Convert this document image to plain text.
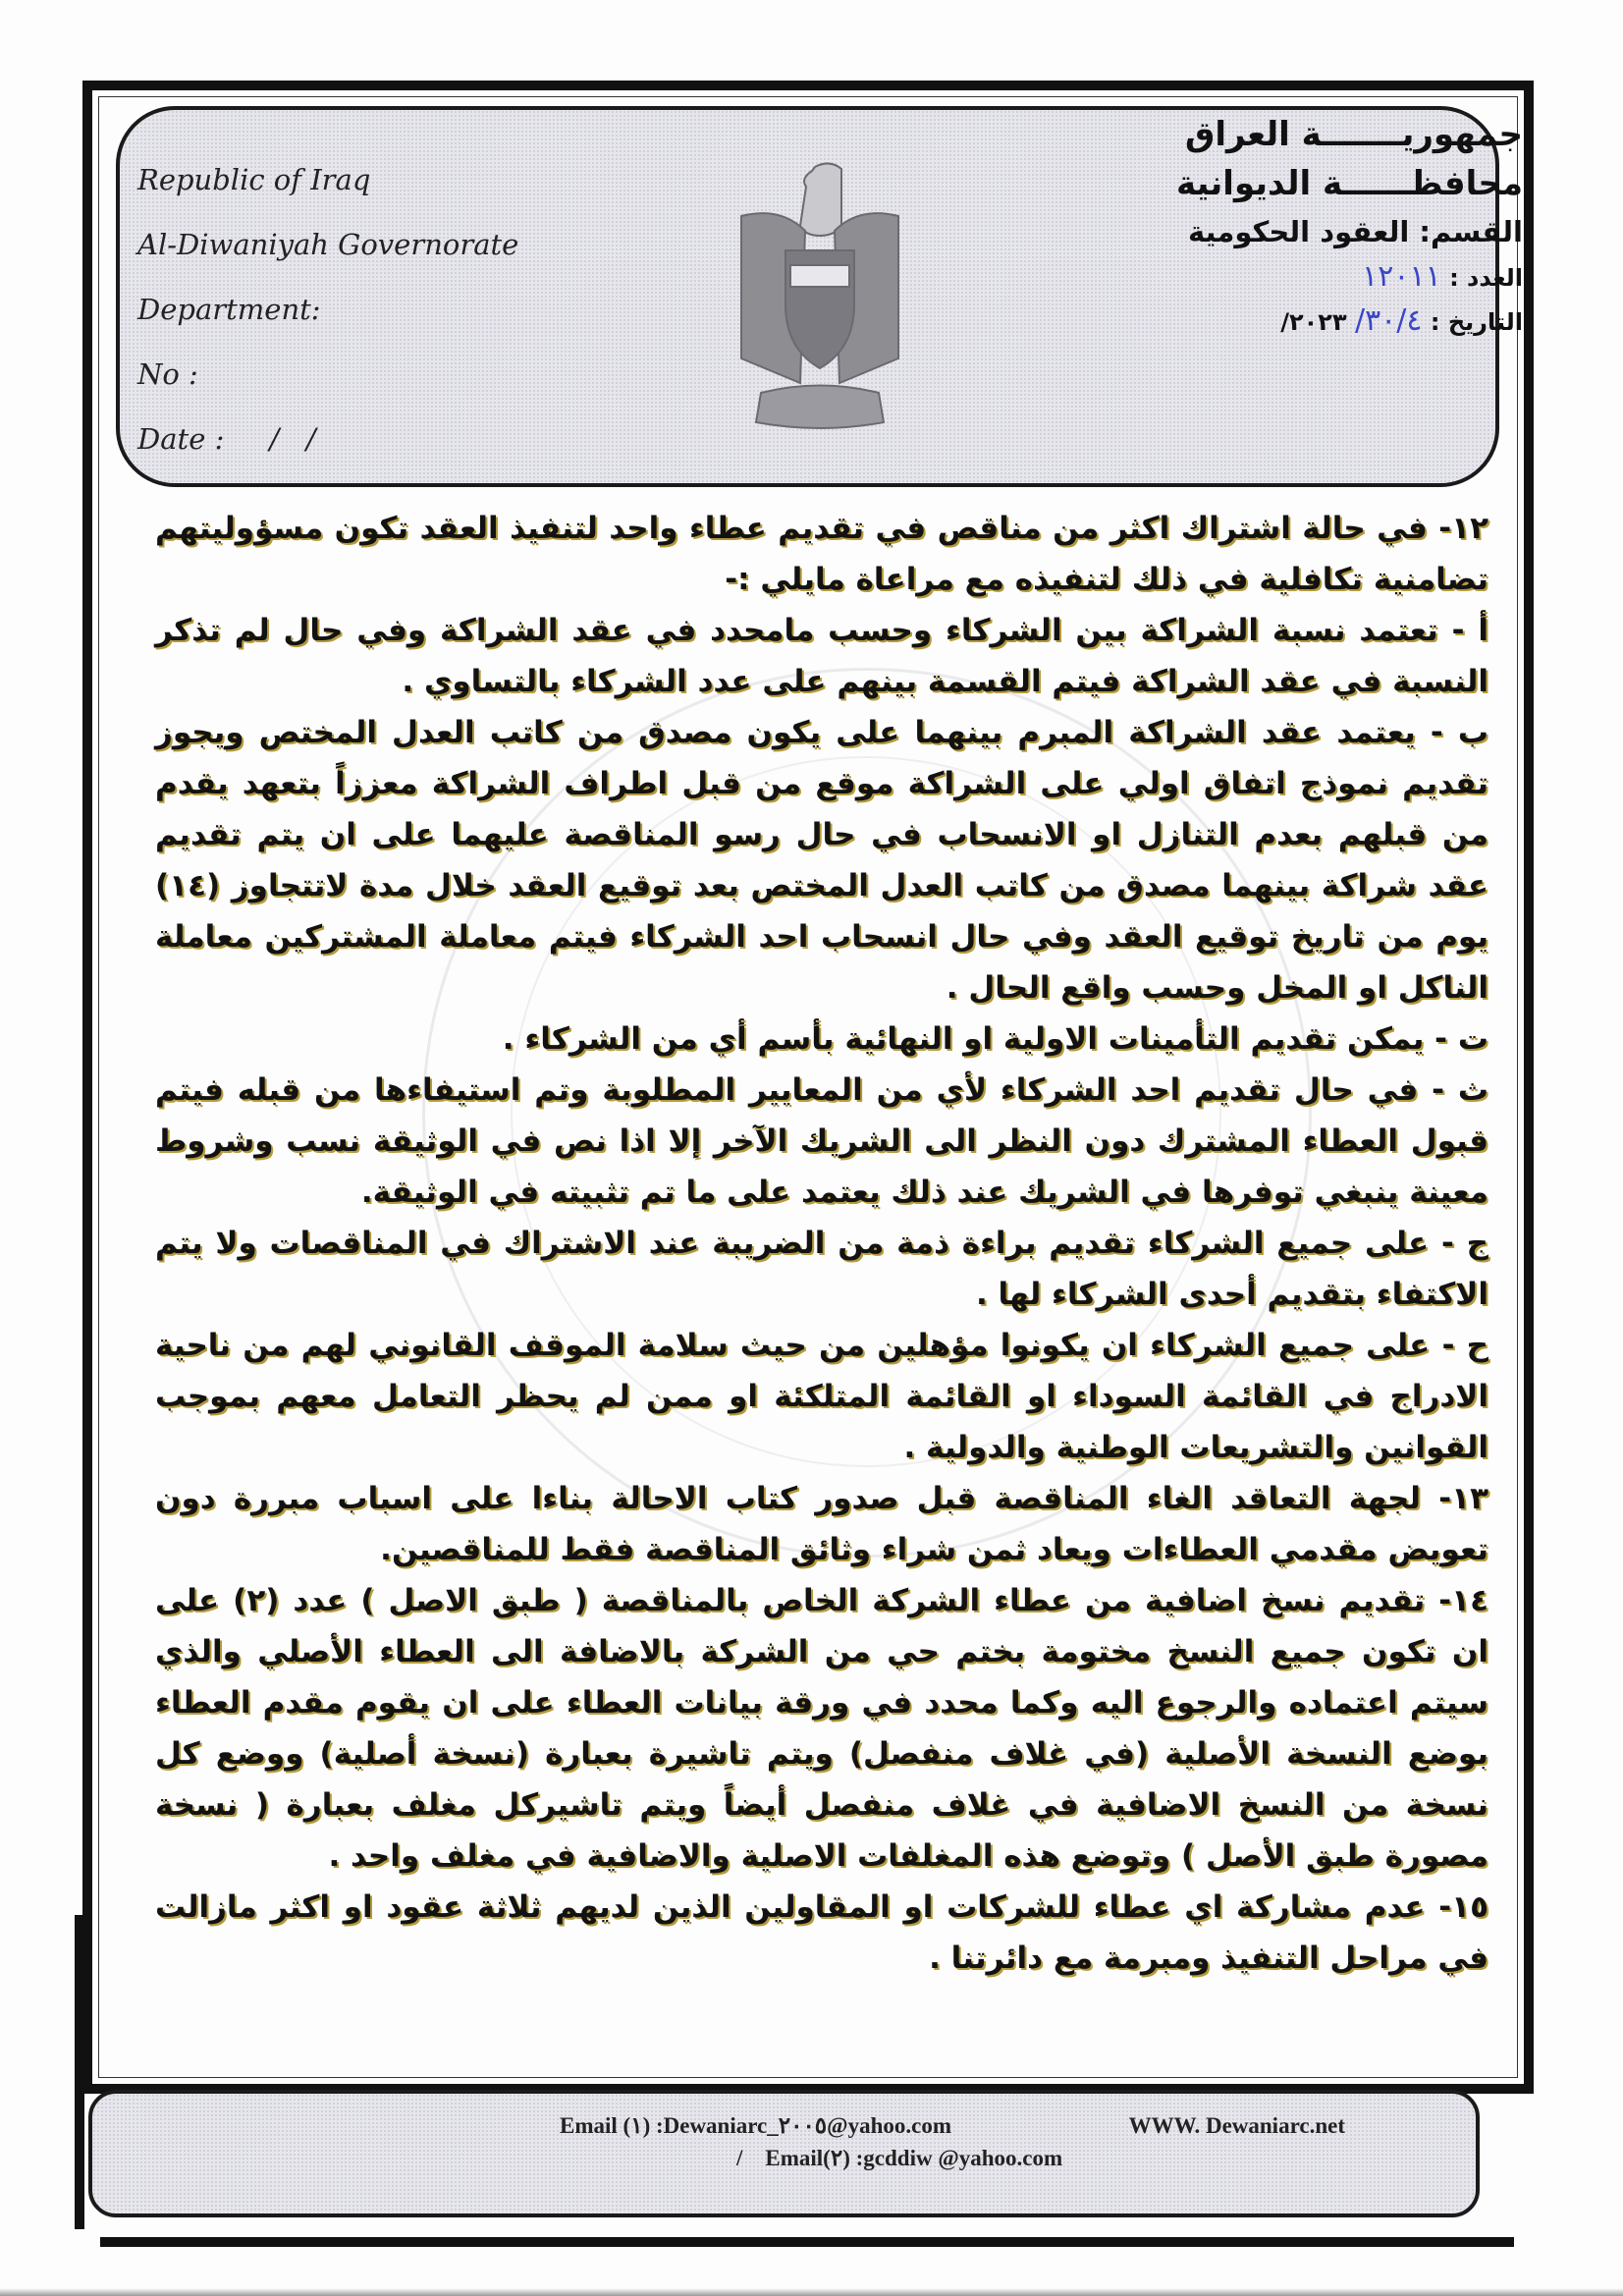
Republic of Iraq
Al-Diwaniyah Governorate
Department:
No :
Date : /   /
جمهوريـــــــة العراق
محافظــــــة الديوانية
القسم: العقود الحكومية
العدد : ١٢٠١١
التاريخ : ٣٠/٤/ ٢٠٢٣/

١٢- في حالة اشتراك اكثر من مناقص في تقديم عطاء واحد لتنفيذ العقد تكون مسؤوليتهم تضامنية تكافلية في ذلك لتنفيذه مع مراعاة مايلي :-

أ - تعتمد نسبة الشراكة بين الشركاء وحسب مامحدد في عقد الشراكة وفي حال لم تذكر النسبة في عقد الشراكة فيتم القسمة بينهم على عدد الشركاء بالتساوي .

ب - يعتمد عقد الشراكة المبرم بينهما على يكون مصدق من كاتب العدل المختص ويجوز تقديم نموذج اتفاق اولي على الشراكة موقع من قبل اطراف الشراكة معززاً بتعهد يقدم من قبلهم بعدم التنازل او الانسحاب في حال رسو المناقصة عليهما على ان يتم تقديم عقد شراكة بينهما مصدق من كاتب العدل المختص بعد توقيع العقد خلال مدة لاتتجاوز (١٤) يوم من تاريخ توقيع العقد وفي حال انسحاب احد الشركاء فيتم معاملة المشتركين معاملة الناكل او المخل وحسب واقع الحال .

ت - يمكن تقديم التأمينات الاولية او النهائية بأسم أي من الشركاء .

ث - في حال تقديم احد الشركاء لأي من المعايير المطلوبة وتم استيفاءها من قبله فيتم قبول العطاء المشترك دون النظر الى الشريك الآخر إلا اذا نص في الوثيقة نسب وشروط معينة ينبغي توفرها في الشريك عند ذلك يعتمد على ما تم تثبيته في الوثيقة.

ج - على جميع الشركاء تقديم براءة ذمة من الضريبة عند الاشتراك في المناقصات ولا يتم الاكتفاء بتقديم أحدى الشركاء لها .

ح - على جميع الشركاء ان يكونوا مؤهلين من حيث سلامة الموقف القانوني لهم من ناحية الادراج في القائمة السوداء او القائمة المتلكئة او ممن لم يحظر التعامل معهم بموجب القوانين والتشريعات الوطنية والدولية .

١٣- لجهة التعاقد الغاء المناقصة قبل صدور كتاب الاحالة بناءا على اسباب مبررة دون تعويض مقدمي العطاءات ويعاد ثمن شراء وثائق المناقصة فقط للمناقصين.

١٤- تقديم نسخ اضافية من عطاء الشركة الخاص بالمناقصة ( طبق الاصل ) عدد (٢) على ان تكون جميع النسخ مختومة بختم حي من الشركة بالاضافة الى العطاء الأصلي والذي سيتم اعتماده والرجوع اليه وكما محدد في ورقة بيانات العطاء على ان يقوم مقدم العطاء بوضع النسخة الأصلية (في غلاف منفصل) ويتم تاشيرة بعبارة (نسخة أصلية) ووضع كل نسخة من النسخ الاضافية في غلاف منفصل أيضاً ويتم تاشيركل مغلف بعبارة ( نسخة مصورة طبق الأصل ) وتوضع هذه المغلفات الاصلية والاضافية في مغلف واحد .

١٥- عدم مشاركة اي عطاء للشركات او المقاولين الذين لديهم ثلاثة عقود او اكثر مازالت في مراحل التنفيذ ومبرمة مع دائرتنا .

Email (١) :Dewaniarc_٢٠٠٥@yahoo.com	WWW. Dewaniarc.net
/ Email(٢) :gcddiw @yahoo.com
